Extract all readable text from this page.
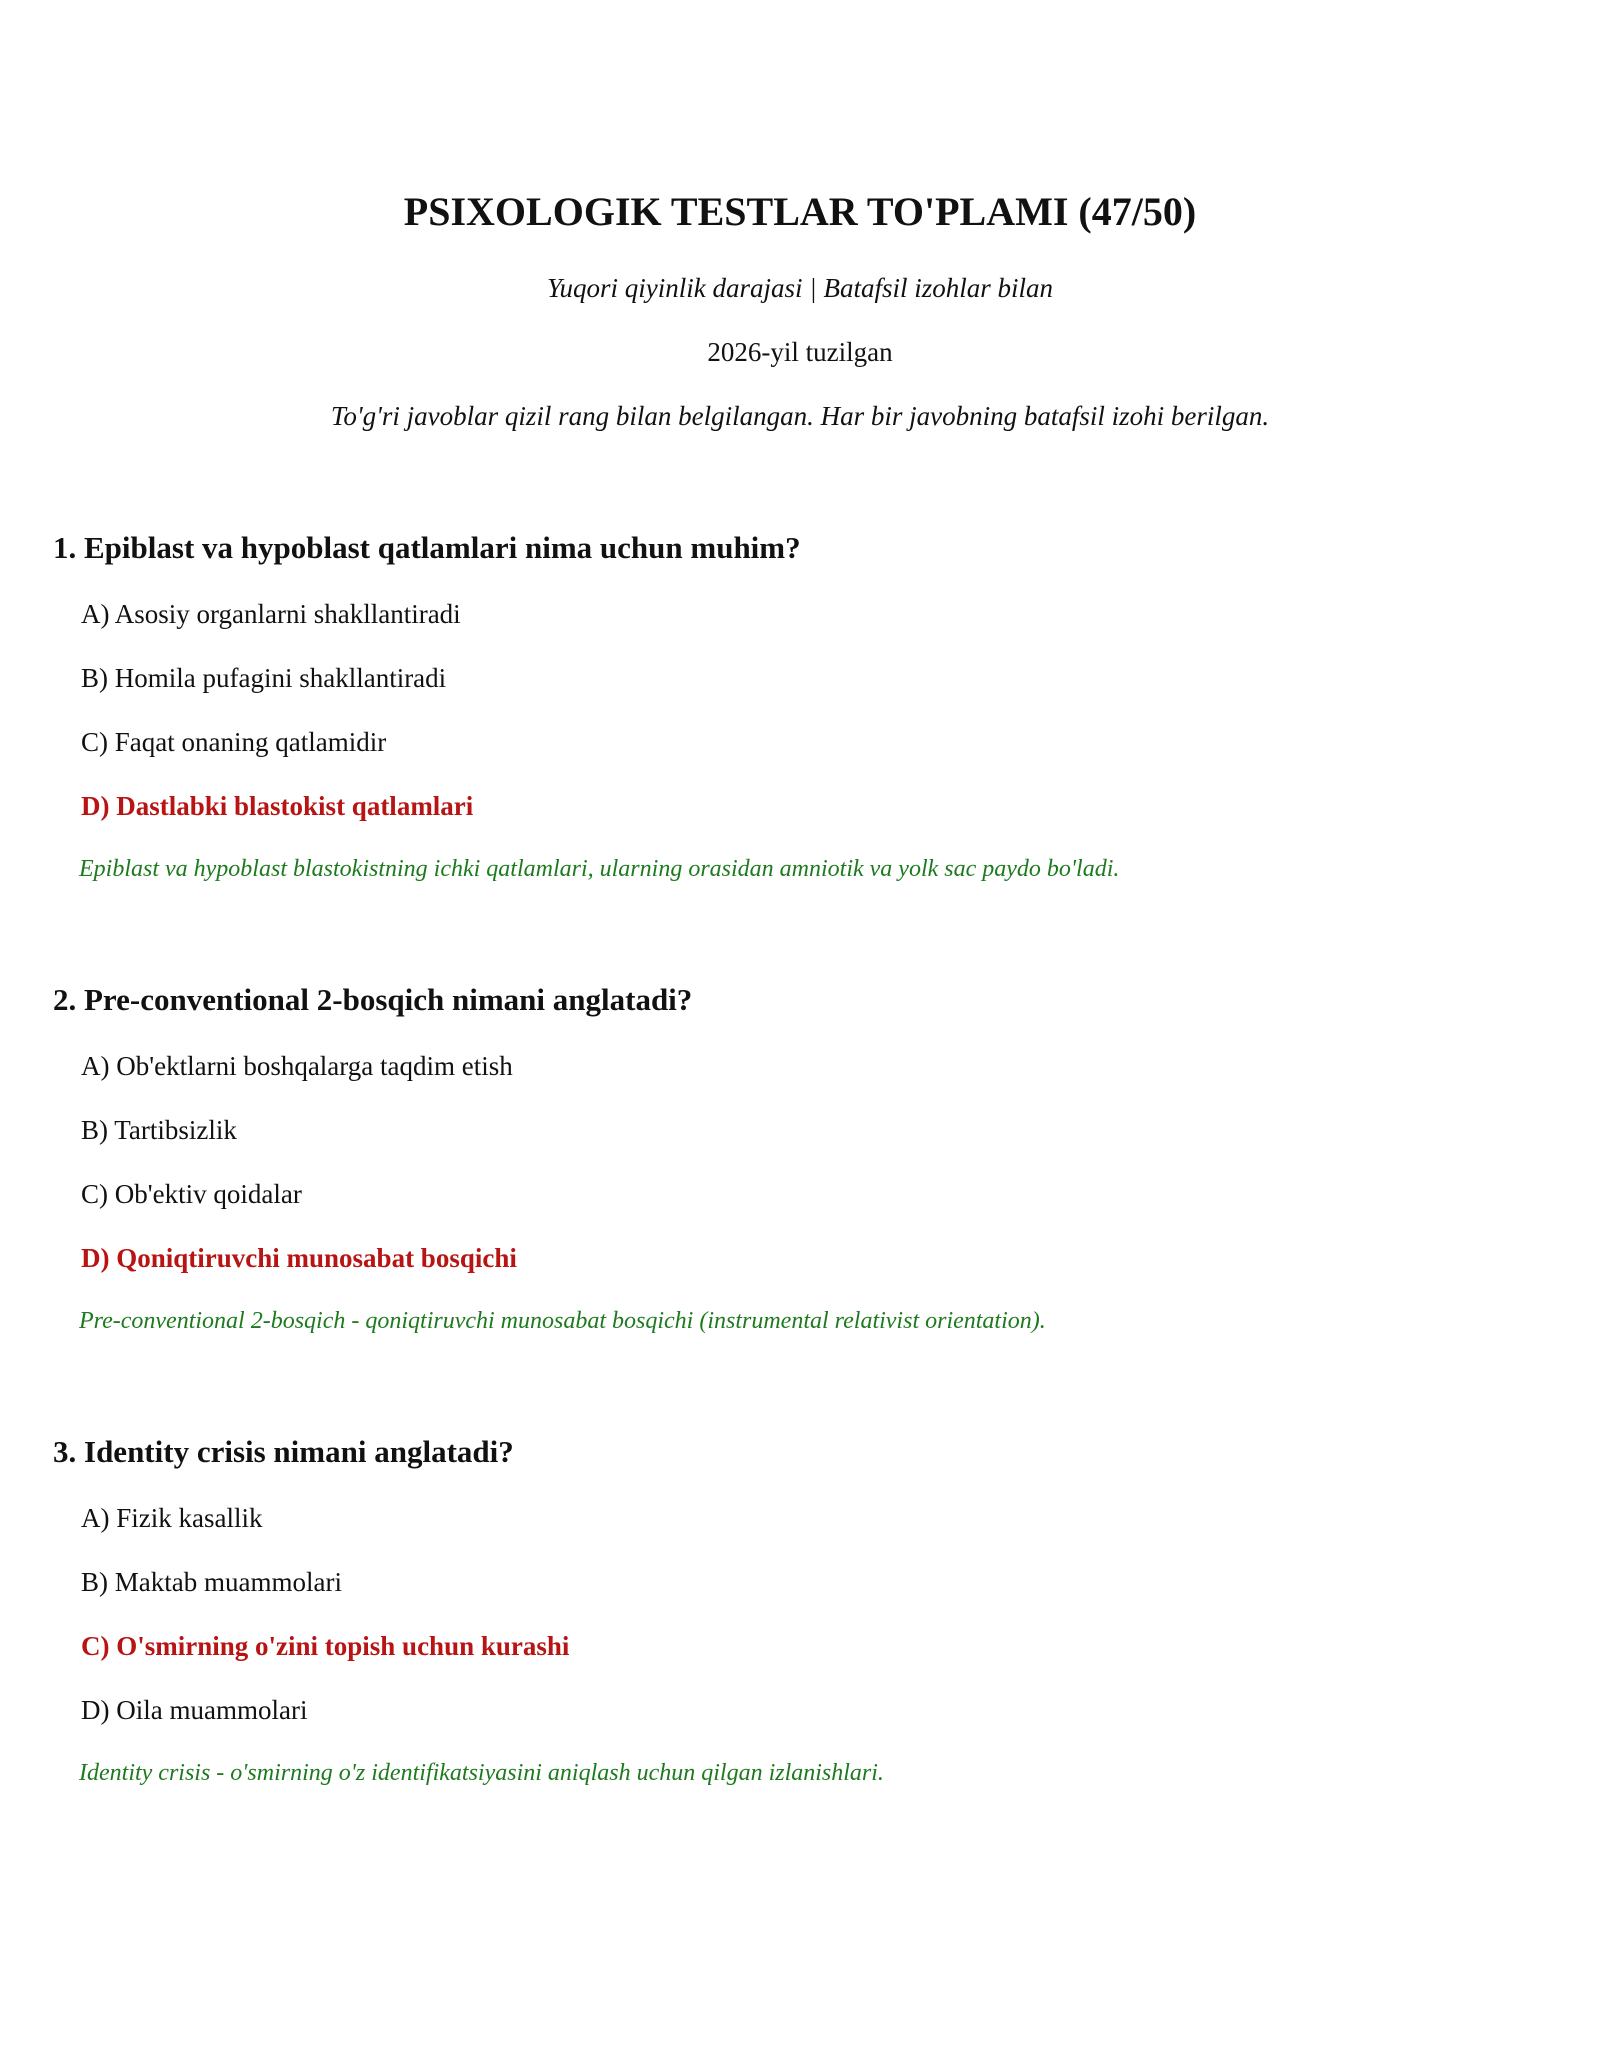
PSIXOLOGIK TESTLAR TO'PLAMI (47/50)
Yuqori qiyinlik darajasi | Batafsil izohlar bilan
2026-yil tuzilgan
To'g'ri javoblar qizil rang bilan belgilangan. Har bir javobning batafsil izohi berilgan.
1. Epiblast va hypoblast qatlamlari nima uchun muhim?
A) Asosiy organlarni shakllantiradi
B) Homila pufagini shakllantiradi
C) Faqat onaning qatlamidir
D) Dastlabki blastokist qatlamlari
Epiblast va hypoblast blastokistning ichki qatlamlari, ularning orasidan amniotik va yolk sac paydo bo'ladi.
2. Pre-conventional 2-bosqich nimani anglatadi?
A) Ob'ektlarni boshqalarga taqdim etish
B) Tartibsizlik
C) Ob'ektiv qoidalar
D) Qoniqtiruvchi munosabat bosqichi
Pre-conventional 2-bosqich - qoniqtiruvchi munosabat bosqichi (instrumental relativist orientation).
3. Identity crisis nimani anglatadi?
A) Fizik kasallik
B) Maktab muammolari
C) O'smirning o'zini topish uchun kurashi
D) Oila muammolari
Identity crisis - o'smirning o'z identifikatsiyasini aniqlash uchun qilgan izlanishlari.
